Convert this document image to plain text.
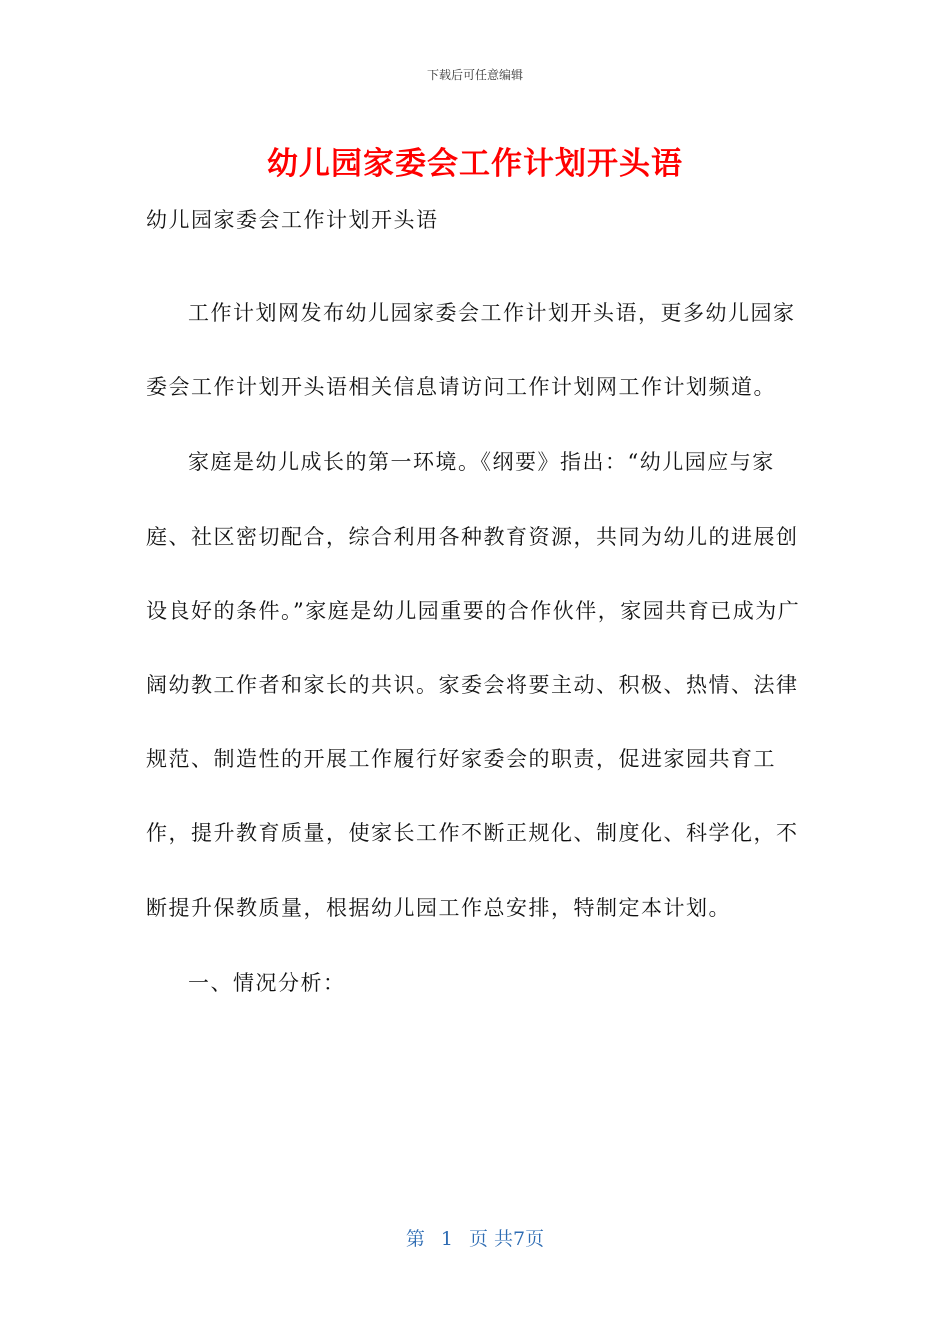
下载后可任意编辑
幼儿园家委会工作计划开头语
幼儿园家委会工作计划开头语

工作计划网发布幼儿园家委会工作计划开头语，更多幼儿园家委会工作计划开头语相关信息请访问工作计划网工作计划频道。

家庭是幼儿成长的第一环境。《纲要》指出：“幼儿园应与家庭、社区密切配合，综合利用各种教育资源，共同为幼儿的进展创设良好的条件。”家庭是幼儿园重要的合作伙伴，家园共育已成为广阔幼教工作者和家长的共识。家委会将要主动、积极、热情、法律规范、制造性的开展工作履行好家委会的职责，促进家园共育工作，提升教育质量，使家长工作不断正规化、制度化、科学化，不断提升保教质量，根据幼儿园工作总安排，特制定本计划。

一、情况分析：

第 1 页 共7页
